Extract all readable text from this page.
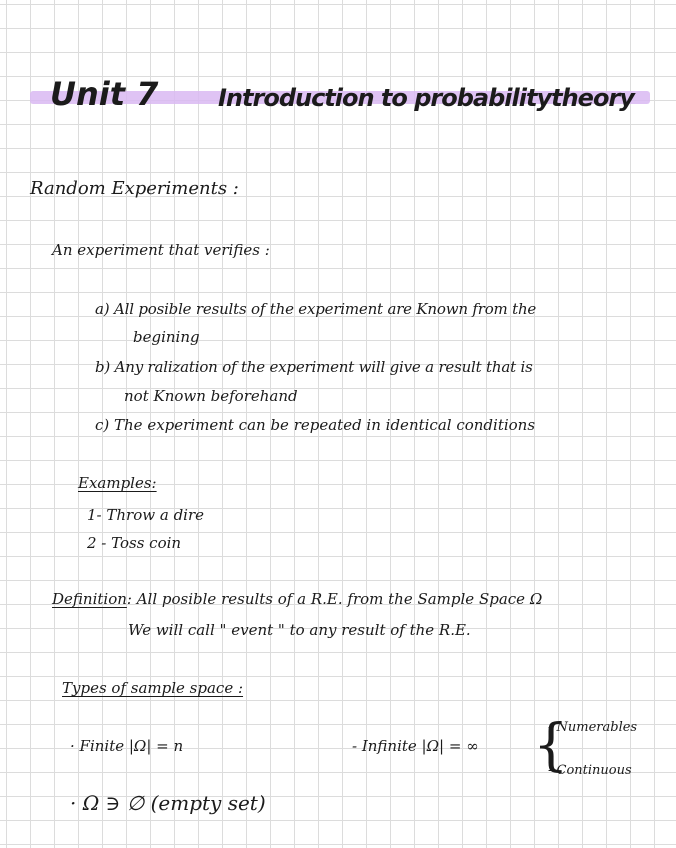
Unit 7 Introduction to probabilitytheory
Random Experiments :
An experiment that verifies :
a) All posible results of the experiment are Known from the
begining
b) Any ralization of the experiment will give a result that is
not Known beforehand
c) The experiment can be repeated in identical conditions
Examples:
1- Throw a dire
2 - Toss coin
Definition: All posible results of a R.E. from the Sample Space Ω
We will call " event " to any result of the R.E.
Types of sample space :
· Finite |Ω| = n	- Infinite |Ω| = ∞ {
- Numerables
- Continuous
· Ω ∋ ∅ (empty set)
